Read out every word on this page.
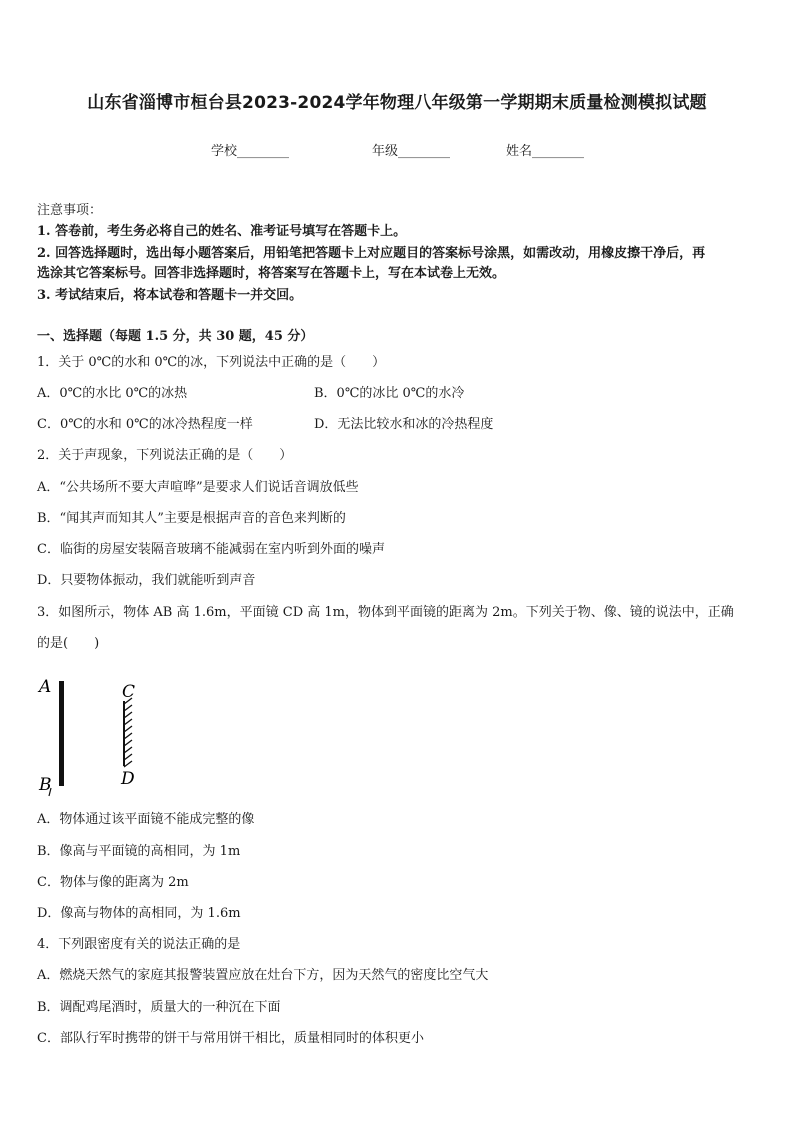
山东省淄博市桓台县2023-2024学年物理八年级第一学期期末质量检测模拟试题
学校________	年级________	姓名________
注意事项：
1. 答卷前，考生务必将自己的姓名、准考证号填写在答题卡上。
2. 回答选择题时，选出每小题答案后，用铅笔把答题卡上对应题目的答案标号涂黑，如需改动，用橡皮擦干净后，再
选涂其它答案标号。回答非选择题时，将答案写在答题卡上，写在本试卷上无效。
3. 考试结束后，将本试卷和答题卡一并交回。
一、选择题（每题 1.5 分，共 30 题，45 分）
1．关于 0℃的水和 0℃的冰，下列说法中正确的是（　　）
A．0℃的水比 0℃的冰热	B．0℃的冰比 0℃的水冷
C．0℃的水和 0℃的冰冷热程度一样	D．无法比较水和冰的冷热程度
2．关于声现象，下列说法正确的是（　　）
A．“公共场所不要大声喧哗”是要求人们说话音调放低些
B．“闻其声而知其人”主要是根据声音的音色来判断的
C．临街的房屋安装隔音玻璃不能减弱在室内听到外面的噪声
D．只要物体振动，我们就能听到声音
3．如图所示，物体 AB 高 1.6m，平面镜 CD 高 1m，物体到平面镜的距离为 2m。下列关于物、像、镜的说法中，正确
的是(　　)
A
B
C
D
A．物体通过该平面镜不能成完整的像
B．像高与平面镜的高相同，为 1m
C．物体与像的距离为 2m
D．像高与物体的高相同，为 1.6m
4．下列跟密度有关的说法正确的是
A．燃烧天然气的家庭其报警装置应放在灶台下方，因为天然气的密度比空气大
B．调配鸡尾酒时，质量大的一种沉在下面
C．部队行军时携带的饼干与常用饼干相比，质量相同时的体积更小
